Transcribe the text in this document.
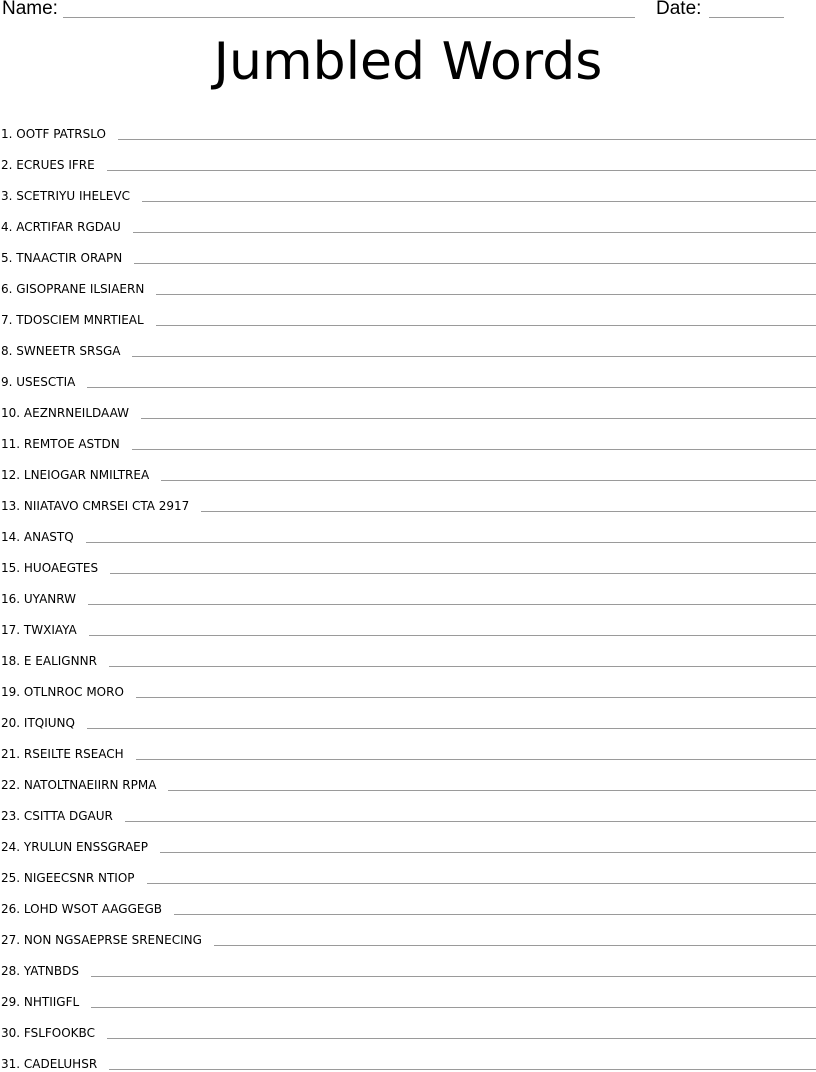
Name:	Date:
Jumbled Words
1. OOTF PATRSLO
2. ECRUES IFRE
3. SCETRIYU IHELEVC
4. ACRTIFAR RGDAU
5. TNAACTIR ORAPN
6. GISOPRANE ILSIAERN
7. TDOSCIEM MNRTIEAL
8. SWNEETR SRSGA
9. USESCTIA
10. AEZNRNEILDAAW
11. REMTOE ASTDN
12. LNEIOGAR NMILTREA
13. NIIATAVO CMRSEI CTA 2917
14. ANASTQ
15. HUOAEGTES
16. UYANRW
17. TWXIAYA
18. E EALIGNNR
19. OTLNROC MORO
20. ITQIUNQ
21. RSEILTE RSEACH
22. NATOLTNAEIIRN RPMA
23. CSITTA DGAUR
24. YRULUN ENSSGRAEP
25. NIGEECSNR NTIOP
26. LOHD WSOT AAGGEGB
27. NON NGSAEPRSE SRENECING
28. YATNBDS
29. NHTIIGFL
30. FSLFOOKBC
31. CADELUHSR
